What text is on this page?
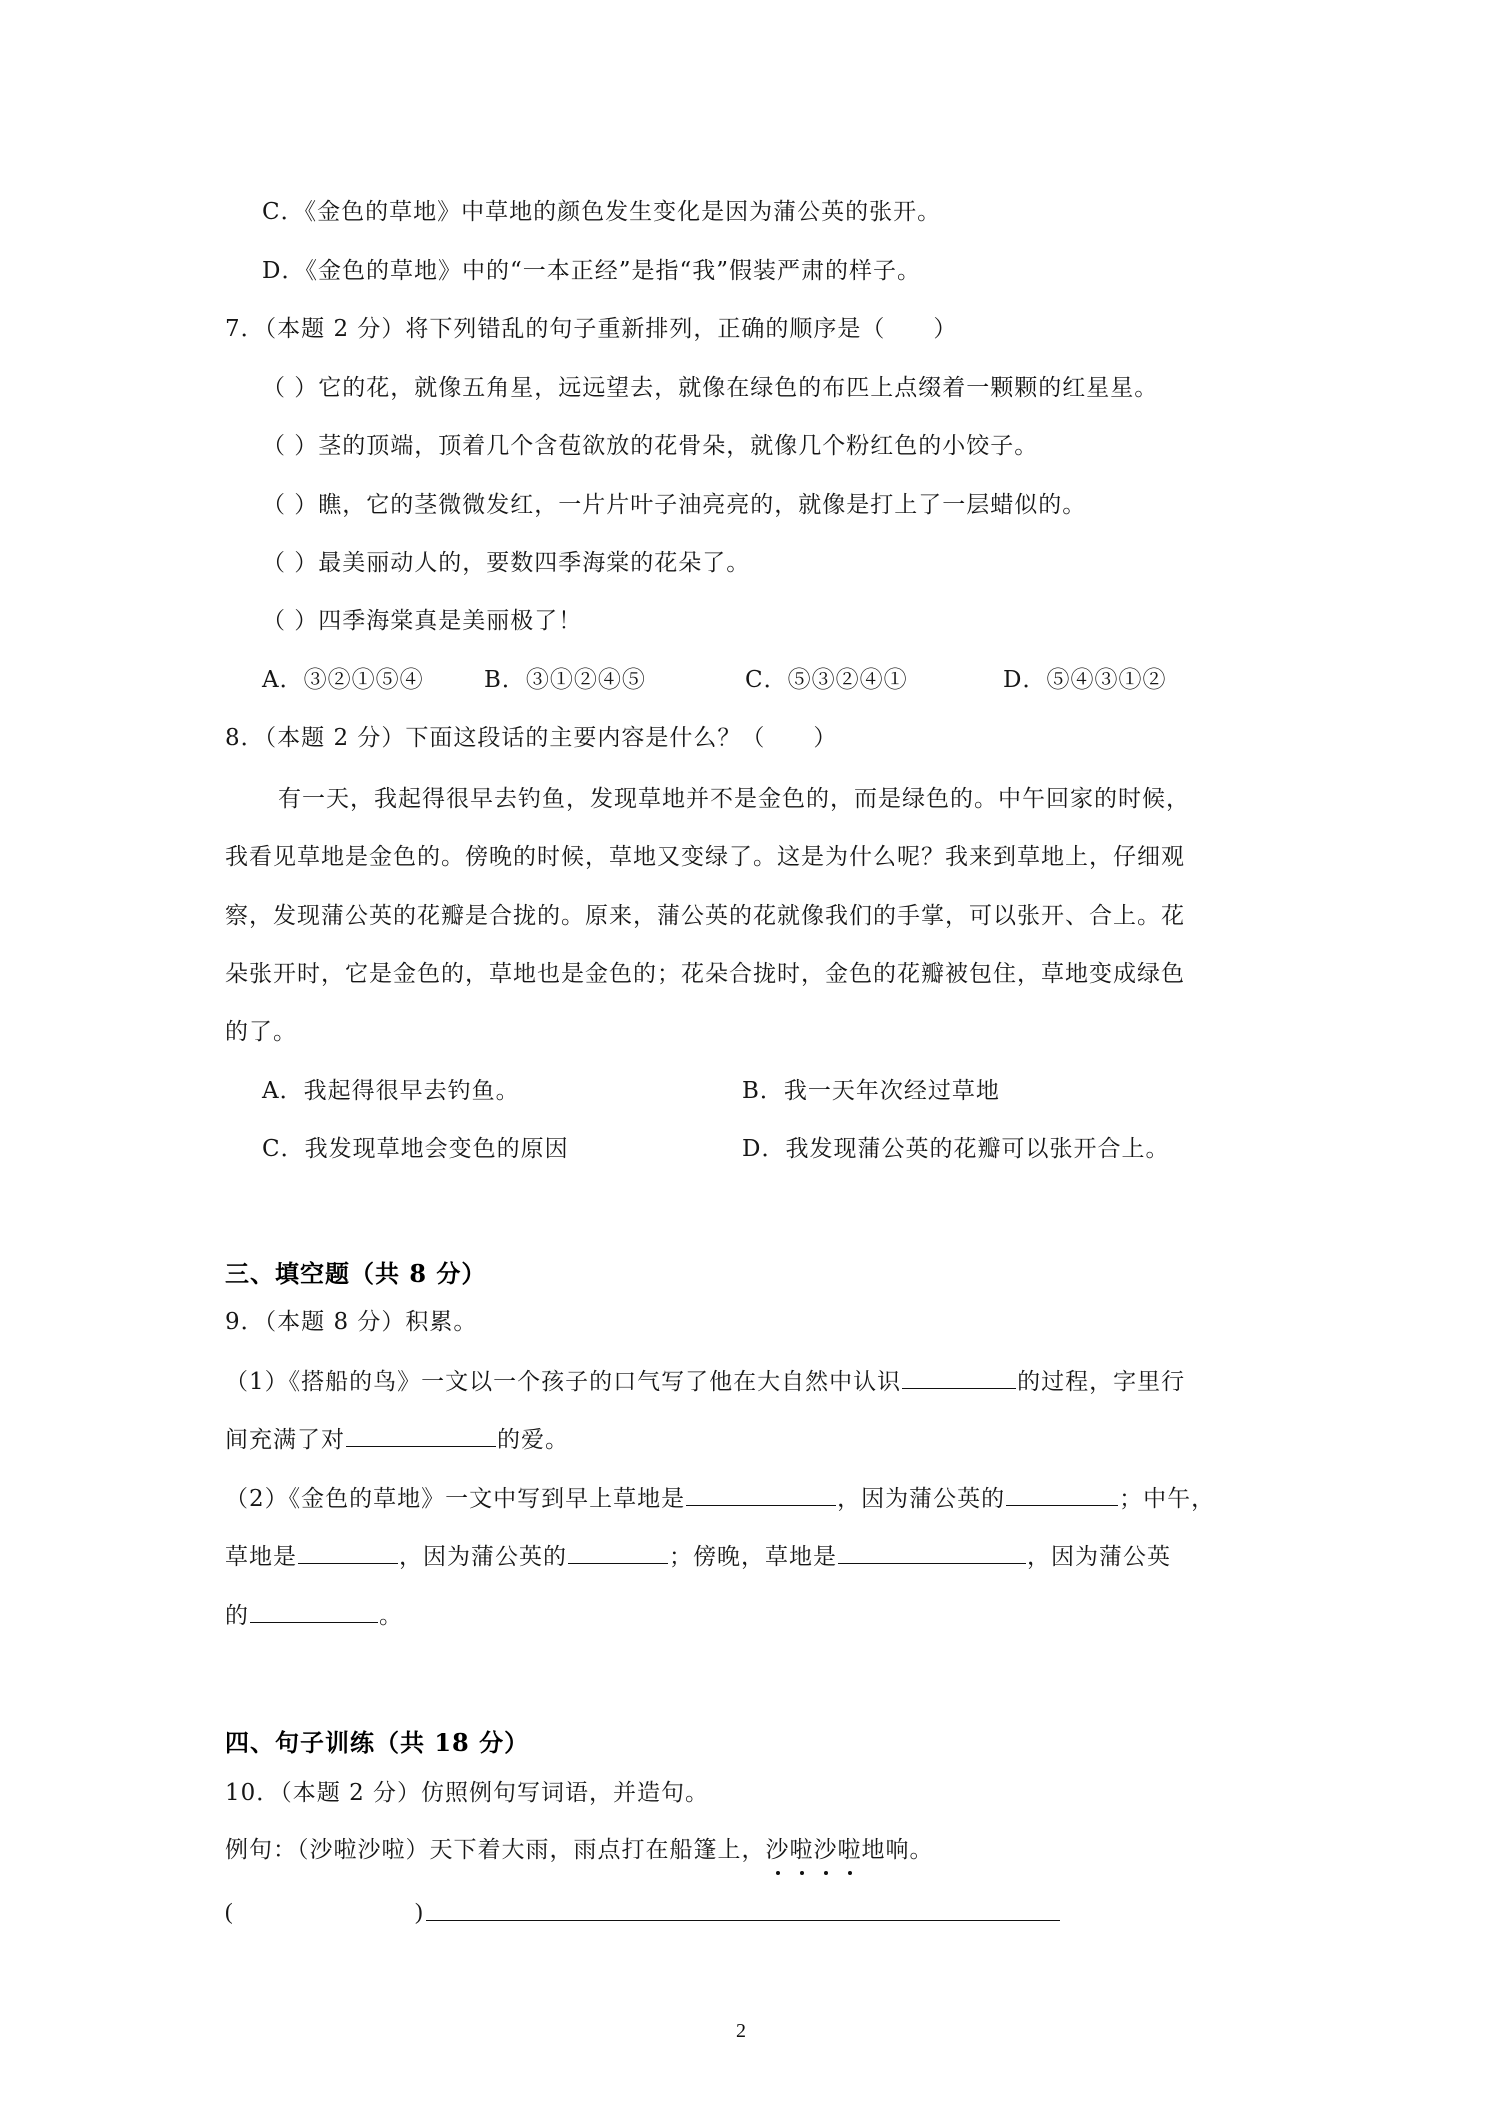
C．《金色的草地》中草地的颜色发生变化是因为蒲公英的张开。
D．《金色的草地》中的“一本正经”是指“我”假装严肃的样子。
7．（本题 2 分）将下列错乱的句子重新排列，正确的顺序是（　　）
（ ）它的花，就像五角星，远远望去，就像在绿色的布匹上点缀着一颗颗的红星星。
（ ）茎的顶端，顶着几个含苞欲放的花骨朵，就像几个粉红色的小饺子。
（ ）瞧，它的茎微微发红，一片片叶子油亮亮的，就像是打上了一层蜡似的。
（ ）最美丽动人的，要数四季海棠的花朵了。
（ ）四季海棠真是美丽极了！
A．③②①⑤④	B．③①②④⑤	C．⑤③②④①	D．⑤④③①②
8．（本题 2 分）下面这段话的主要内容是什么？（　　）
有一天，我起得很早去钓鱼，发现草地并不是金色的，而是绿色的。中午回家的时候，
我看见草地是金色的。傍晚的时候，草地又变绿了。这是为什么呢？我来到草地上，仔细观
察，发现蒲公英的花瓣是合拢的。原来，蒲公英的花就像我们的手掌，可以张开、合上。花
朵张开时，它是金色的，草地也是金色的；花朵合拢时，金色的花瓣被包住，草地变成绿色
的了。
A．我起得很早去钓鱼。	B．我一天年次经过草地
C．我发现草地会变色的原因	D．我发现蒲公英的花瓣可以张开合上。
三、填空题（共 8 分）
9．（本题 8 分）积累。
（1）《搭船的鸟》一文以一个孩子的口气写了他在大自然中认识	的过程，字里行
间充满了对	的爱。
（2）《金色的草地》一文中写到早上草地是	，因为蒲公英的	；中午，
草地是	，因为蒲公英的	；傍晚，草地是	，因为蒲公英
的	。
四、句子训练（共 18 分）
10．（本题 2 分）仿照例句写词语，并造句。
例句：（沙啦沙啦）天下着大雨，雨点打在船篷上，沙啦沙啦地响。
(	)
2
